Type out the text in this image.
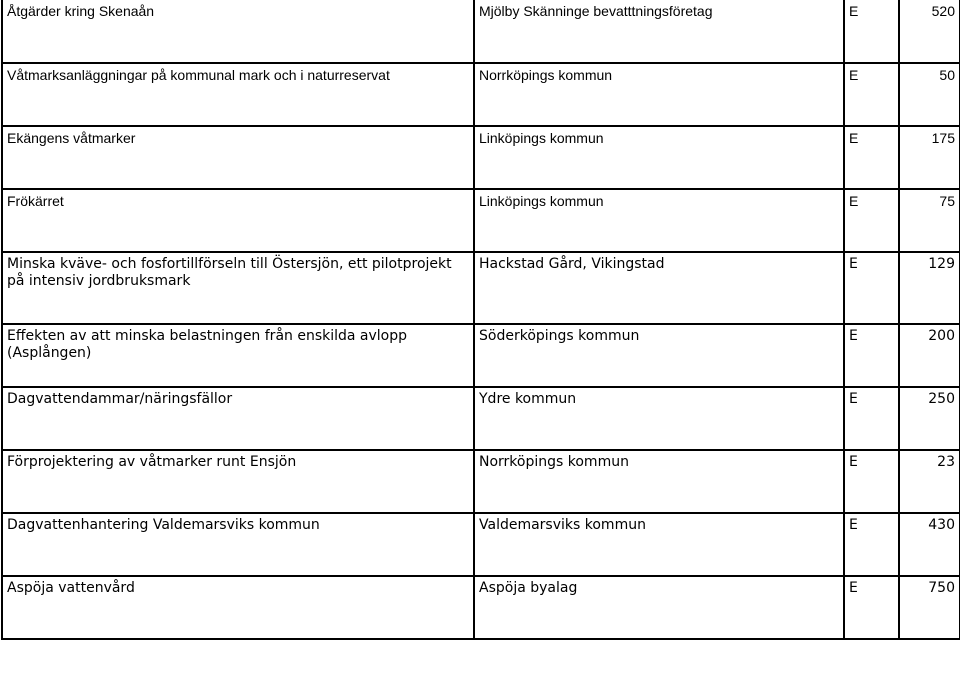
Åtgärder kring Skenaån	Mjölby Skänninge bevatttningsföretag	E	520
Våtmarksanläggningar på kommunal mark och i naturreservat	Norrköpings kommun	E	50
Ekängens våtmarker	Linköpings kommun	E	175
Frökärret	Linköpings kommun	E	75
Minska kväve- och fosfortillförseln till Östersjön, ett pilotprojekt på intensiv jordbruksmark	Hackstad Gård, Vikingstad	E	129
Effekten av att minska belastningen från enskilda avlopp (Asplången)	Söderköpings kommun	E	200
Dagvattendammar/näringsfällor	Ydre kommun	E	250
Förprojektering av våtmarker runt Ensjön	Norrköpings kommun	E	23
Dagvattenhantering Valdemarsviks kommun	Valdemarsviks kommun	E	430
Aspöja vattenvård	Aspöja byalag	E	750
